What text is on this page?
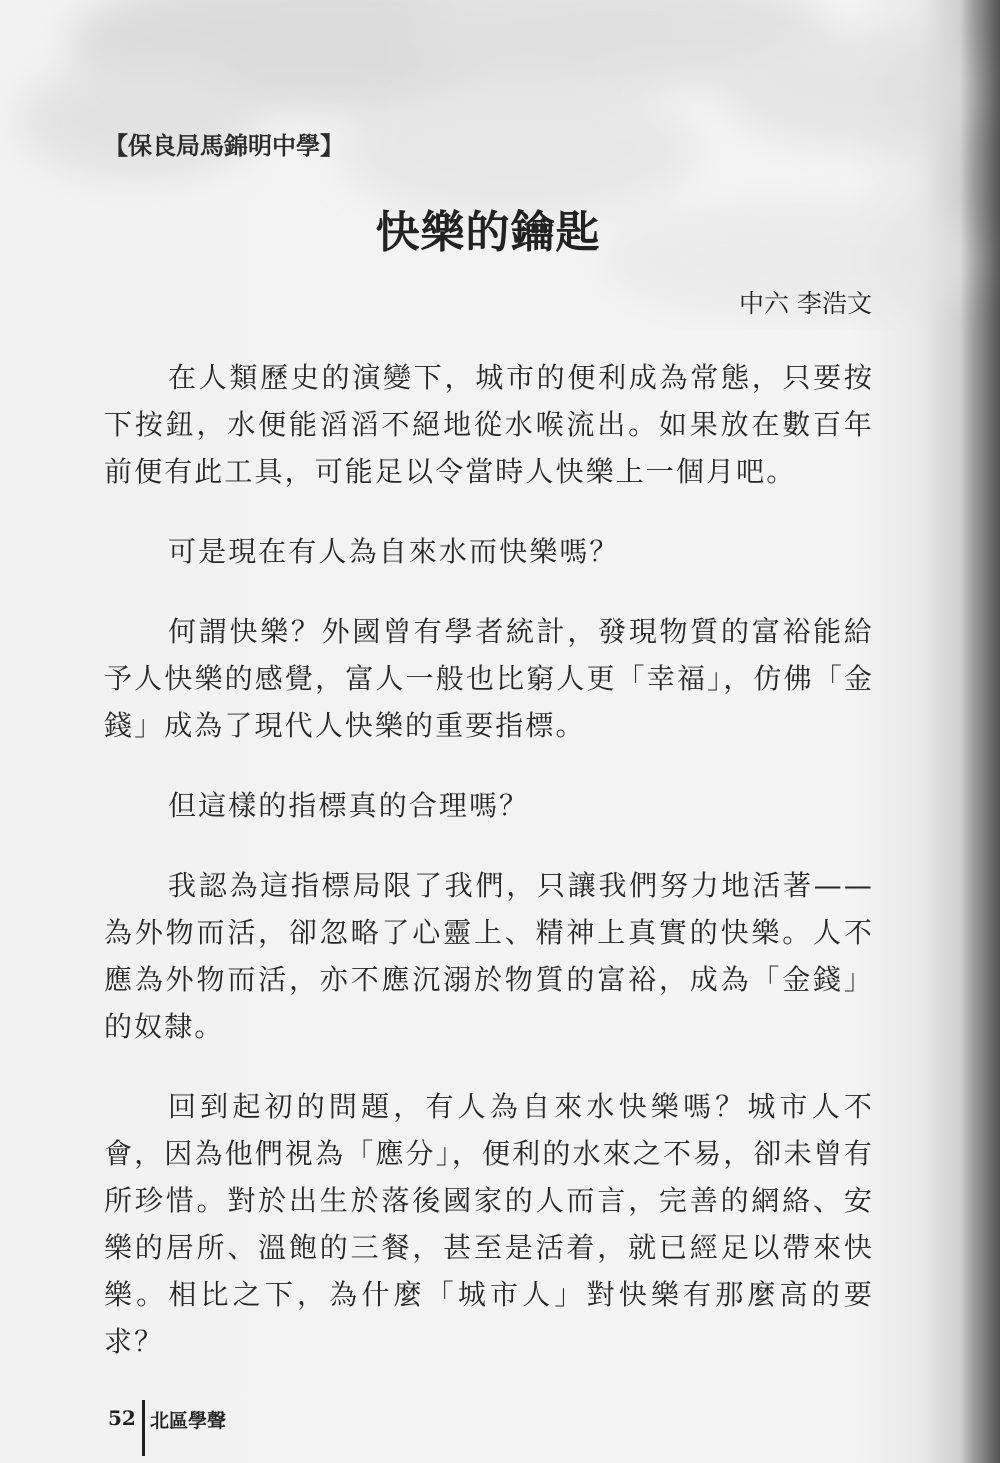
【保良局馬錦明中學】
快樂的鑰匙
中六 李浩文

在人類歷史的演變下，城市的便利成為常態，只要按下按鈕，水便能滔滔不絕地從水喉流出。如果放在數百年前便有此工具，可能足以令當時人快樂上一個月吧。

可是現在有人為自來水而快樂嗎？

何謂快樂？外國曾有學者統計，發現物質的富裕能給予人快樂的感覺，富人一般也比窮人更「幸福」，仿佛「金錢」成為了現代人快樂的重要指標。

但這樣的指標真的合理嗎？

我認為這指標局限了我們，只讓我們努力地活著——為外物而活，卻忽略了心靈上、精神上真實的快樂。人不應為外物而活，亦不應沉溺於物質的富裕，成為「金錢」的奴隸。

回到起初的問題，有人為自來水快樂嗎？城市人不會，因為他們視為「應分」，便利的水來之不易，卻未曾有所珍惜。對於出生於落後國家的人而言，完善的網絡、安樂的居所、溫飽的三餐，甚至是活着，就已經足以帶來快樂。相比之下，為什麼「城市人」對快樂有那麼高的要求？

52 北區學聲
